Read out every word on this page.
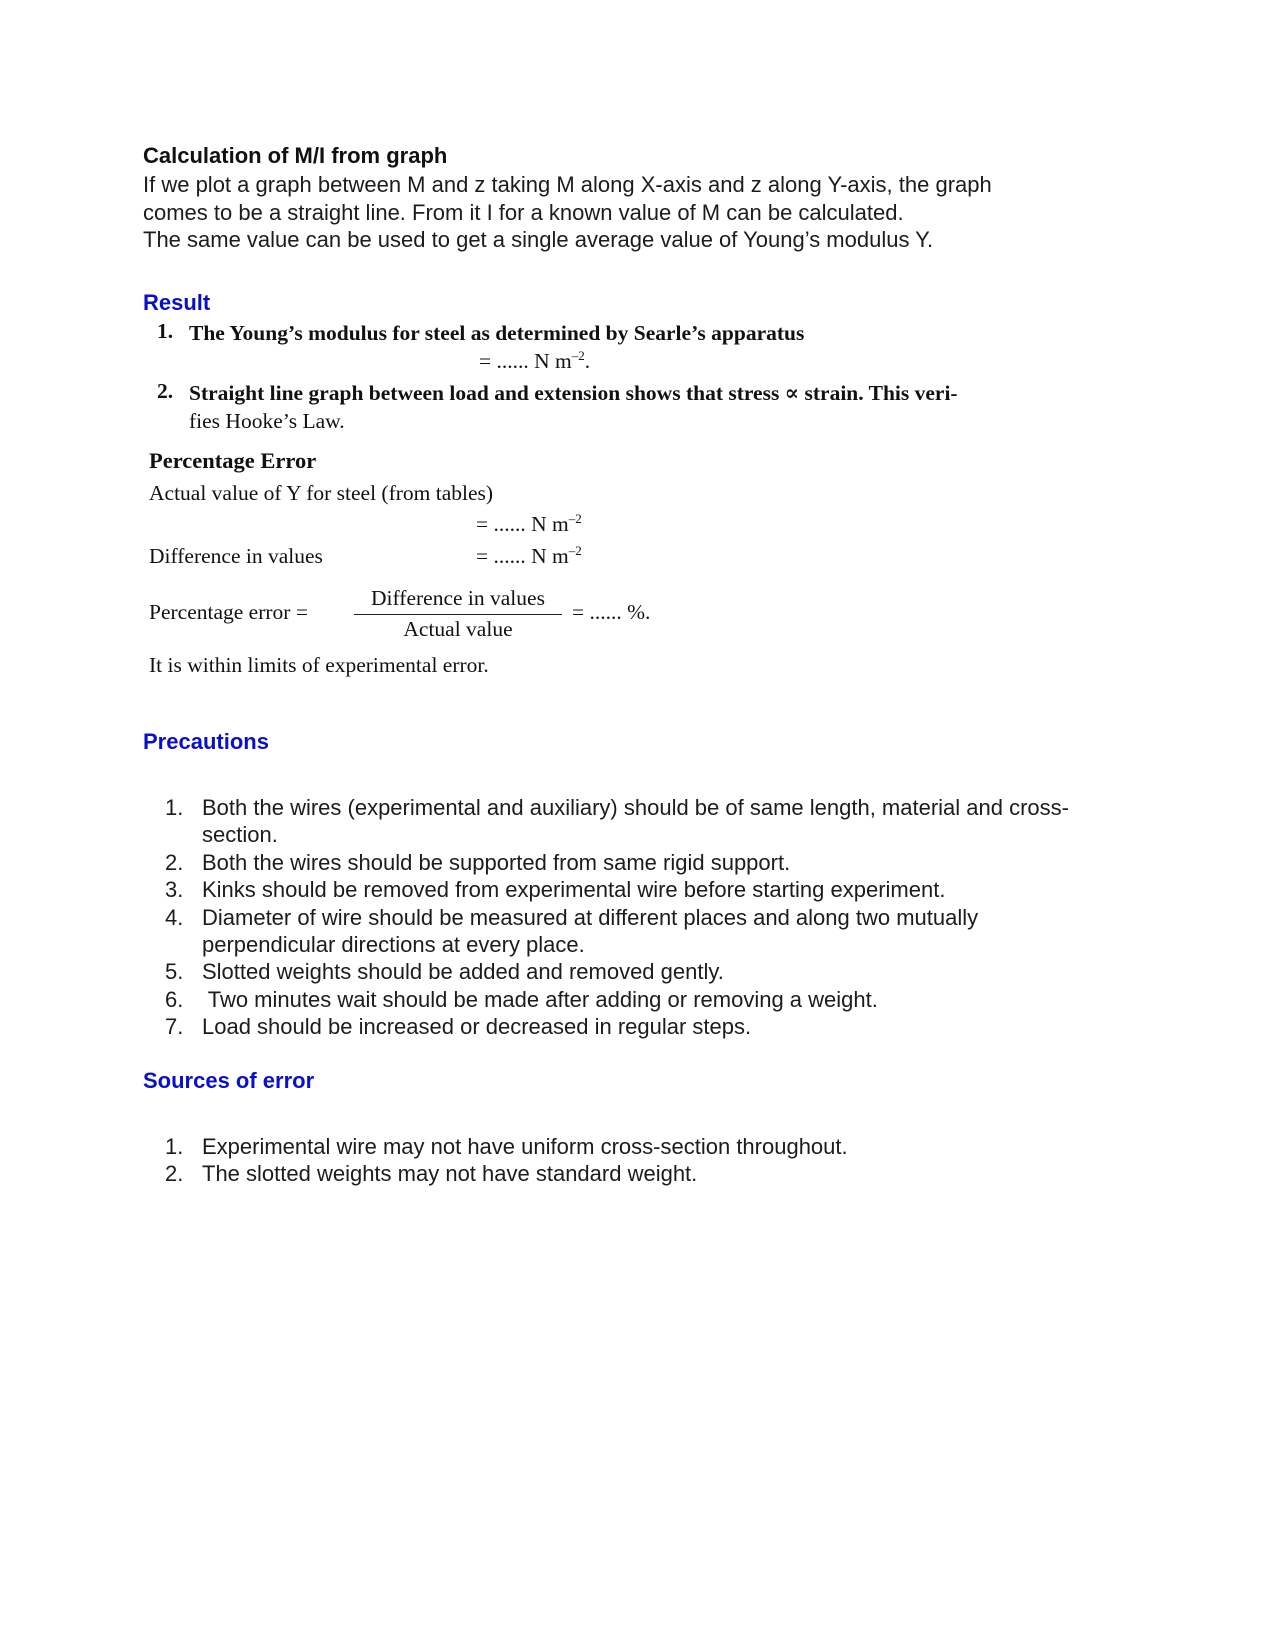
Calculation of M/I from graph
If we plot a graph between M and z taking M along X-axis and z along Y-axis, the graph
comes to be a straight line. From it I for a known value of M can be calculated.
The same value can be used to get a single average value of Young’s modulus Y.
Result
1. The Young’s modulus for steel as determined by Searle’s apparatus
= ...... N $m^{-2}$.
2. Straight line graph between load and extension shows that stress ∝ strain. This veri-
fies Hooke’s Law.
Percentage Error
Actual value of Y for steel (from tables)
= ...... N $m^{-2}$
Difference in values	= ...... N $m^{-2}$
Percentage error =
Difference in values
Actual value
= ...... %.
It is within limits of experimental error.
Precautions
1. Both the wires (experimental and auxiliary) should be of same length, material and cross-section.
2. Both the wires should be supported from same rigid support.
3. Kinks should be removed from experimental wire before starting experiment.
4. Diameter of wire should be measured at different places and along two mutually perpendicular directions at every place.
5. Slotted weights should be added and removed gently.
6. Two minutes wait should be made after adding or removing a weight.
7. Load should be increased or decreased in regular steps.
Sources of error
1. Experimental wire may not have uniform cross-section throughout.
2. The slotted weights may not have standard weight.
